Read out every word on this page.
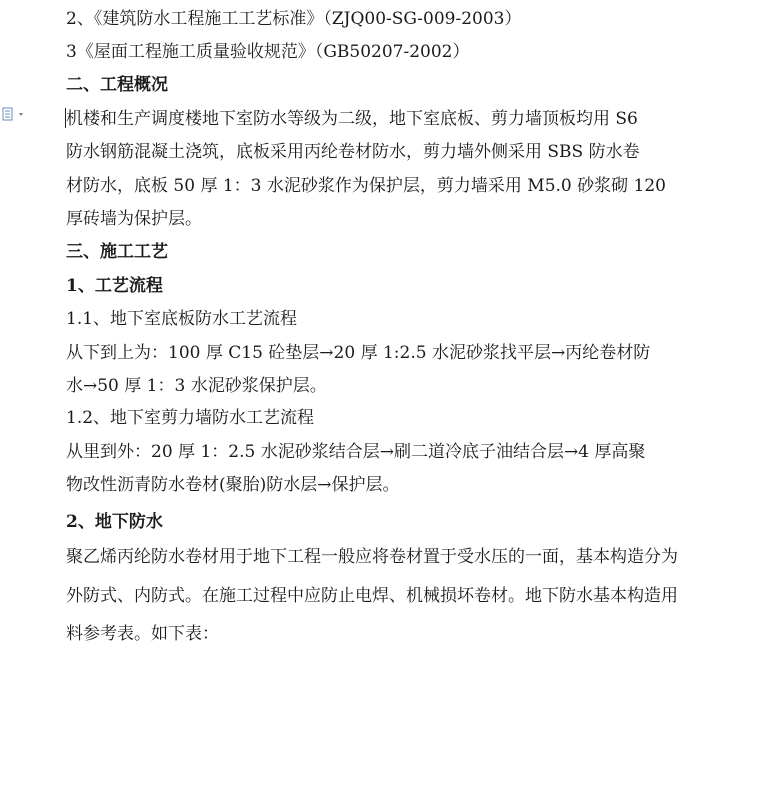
2、《建筑防水工程施工工艺标准》（ZJQ00-SG-009-2003）
3《屋面工程施工质量验收规范》（GB50207-2002）
二、工程概况
机楼和生产调度楼地下室防水等级为二级，地下室底板、剪力墙顶板均用 S6
防水钢筋混凝土浇筑，底板采用丙纶卷材防水，剪力墙外侧采用 SBS 防水卷
材防水，底板 50 厚 1：3 水泥砂浆作为保护层，剪力墙采用 M5.0 砂浆砌 120
厚砖墙为保护层。
三、施工工艺
1、工艺流程
1.1、地下室底板防水工艺流程
从下到上为：100 厚 C15 砼垫层→20 厚 1:2.5 水泥砂浆找平层→丙纶卷材防
水→50 厚 1：3 水泥砂浆保护层。
1.2、地下室剪力墙防水工艺流程
从里到外：20 厚 1：2.5 水泥砂浆结合层→刷二道冷底子油结合层→4 厚高聚
物改性沥青防水卷材(聚胎)防水层→保护层。
2、地下防水
聚乙烯丙纶防水卷材用于地下工程一般应将卷材置于受水压的一面，基本构造分为
外防式、内防式。在施工过程中应防止电焊、机械损坏卷材。地下防水基本构造用
料参考表。如下表：
